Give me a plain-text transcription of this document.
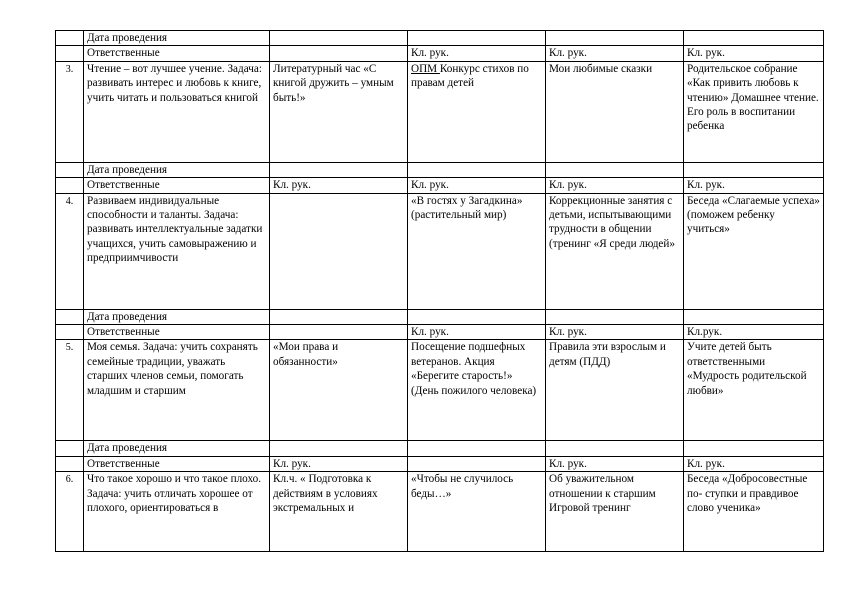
	Дата проведения				
	Ответственные		Кл. рук.	Кл. рук.	Кл. рук.
3.	Чтение – вот лучшее учение. Задача: развивать интерес и любовь к книге, учить читать и пользоваться книгой	Литературный час «С книгой дружить – умным быть!»	ОПМ Конкурс стихов по правам детей	Мои любимые сказки	Родительское собрание «Как привить любовь к чтению» Домашнее чтение. Его роль в воспитании ребенка
	Дата проведения				
	Ответственные	Кл. рук.	Кл. рук.	Кл. рук.	Кл. рук.
4.	Развиваем индивидуальные способности и таланты. Задача: развивать интеллектуальные задатки учащихся, учить самовыражению и предприимчивости		«В гостях у Загадкина» (растительный мир)	Коррекционные занятия с детьми, испытывающими трудности в общении (тренинг «Я среди людей»	Беседа «Слагаемые успеха» (поможем ребенку учиться»
	Дата проведения				
	Ответственные		Кл. рук.	Кл. рук.	Кл.рук.
5.	Моя семья. Задача: учить сохранять семейные традиции, уважать старших членов семьи, помогать младшим и старшим	«Мои права и обязанности»	Посещение подшефных ветеранов. Акция «Берегите старость!» (День пожилого человека)	Правила эти взрослым и детям (ПДД)	Учите детей быть ответственными «Мудрость родительской любви»
	Дата проведения				
	Ответственные	Кл. рук.		Кл. рук.	Кл. рук.
6.	Что такое хорошо и что такое плохо. Задача: учить отличать хорошее от плохого, ориентироваться в	Кл.ч. « Подготовка к действиям в условиях экстремальных и	«Чтобы не случилось беды…»	Об уважительном отношении к старшим Игровой тренинг	Беседа «Добросовестные по- ступки и правдивое слово ученика»
